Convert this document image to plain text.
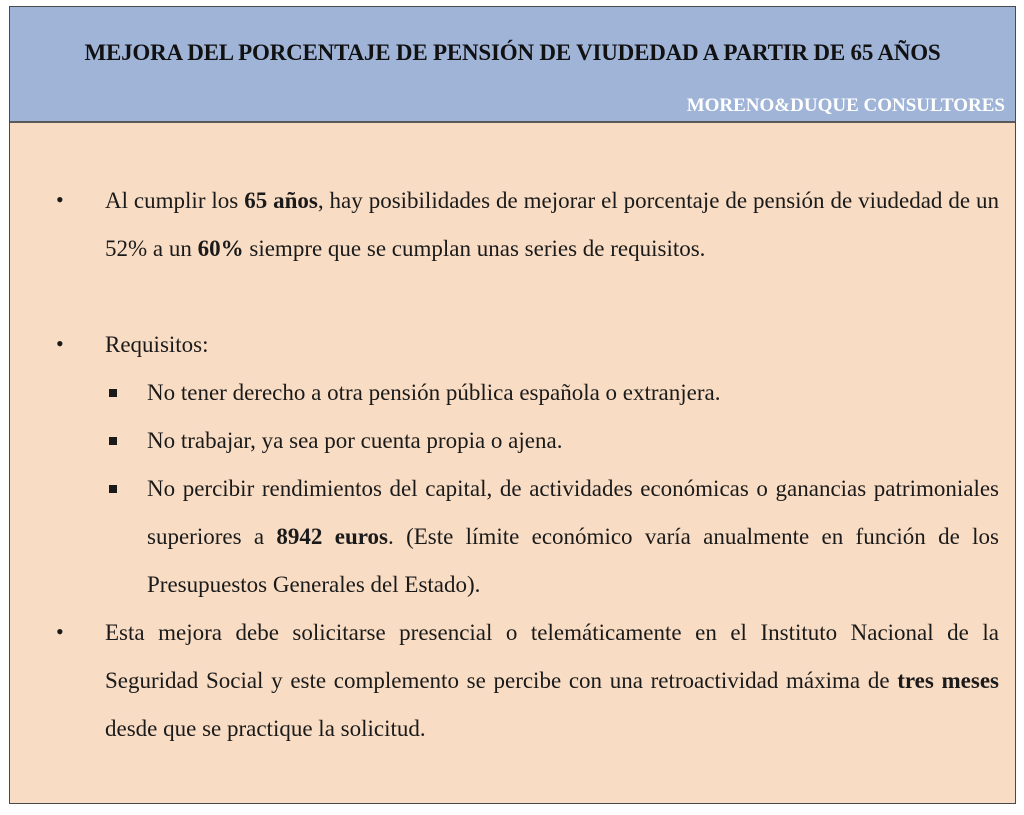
MEJORA DEL PORCENTAJE DE PENSIÓN DE VIUDEDAD A PARTIR DE 65 AÑOS
MORENO&DUQUE CONSULTORES
• Al cumplir los 65 años, hay posibilidades de mejorar el porcentaje de pensión de viudedad de un 52% a un 60% siempre que se cumplan unas series de requisitos.
• Requisitos:
No tener derecho a otra pensión pública española o extranjera.
No trabajar, ya sea por cuenta propia o ajena.
No percibir rendimientos del capital, de actividades económicas o ganancias patrimoniales superiores a 8942 euros. (Este límite económico varía anualmente en función de los Presupuestos Generales del Estado).
• Esta mejora debe solicitarse presencial o telemáticamente en el Instituto Nacional de la Seguridad Social y este complemento se percibe con una retroactividad máxima de tres meses desde que se practique la solicitud.
